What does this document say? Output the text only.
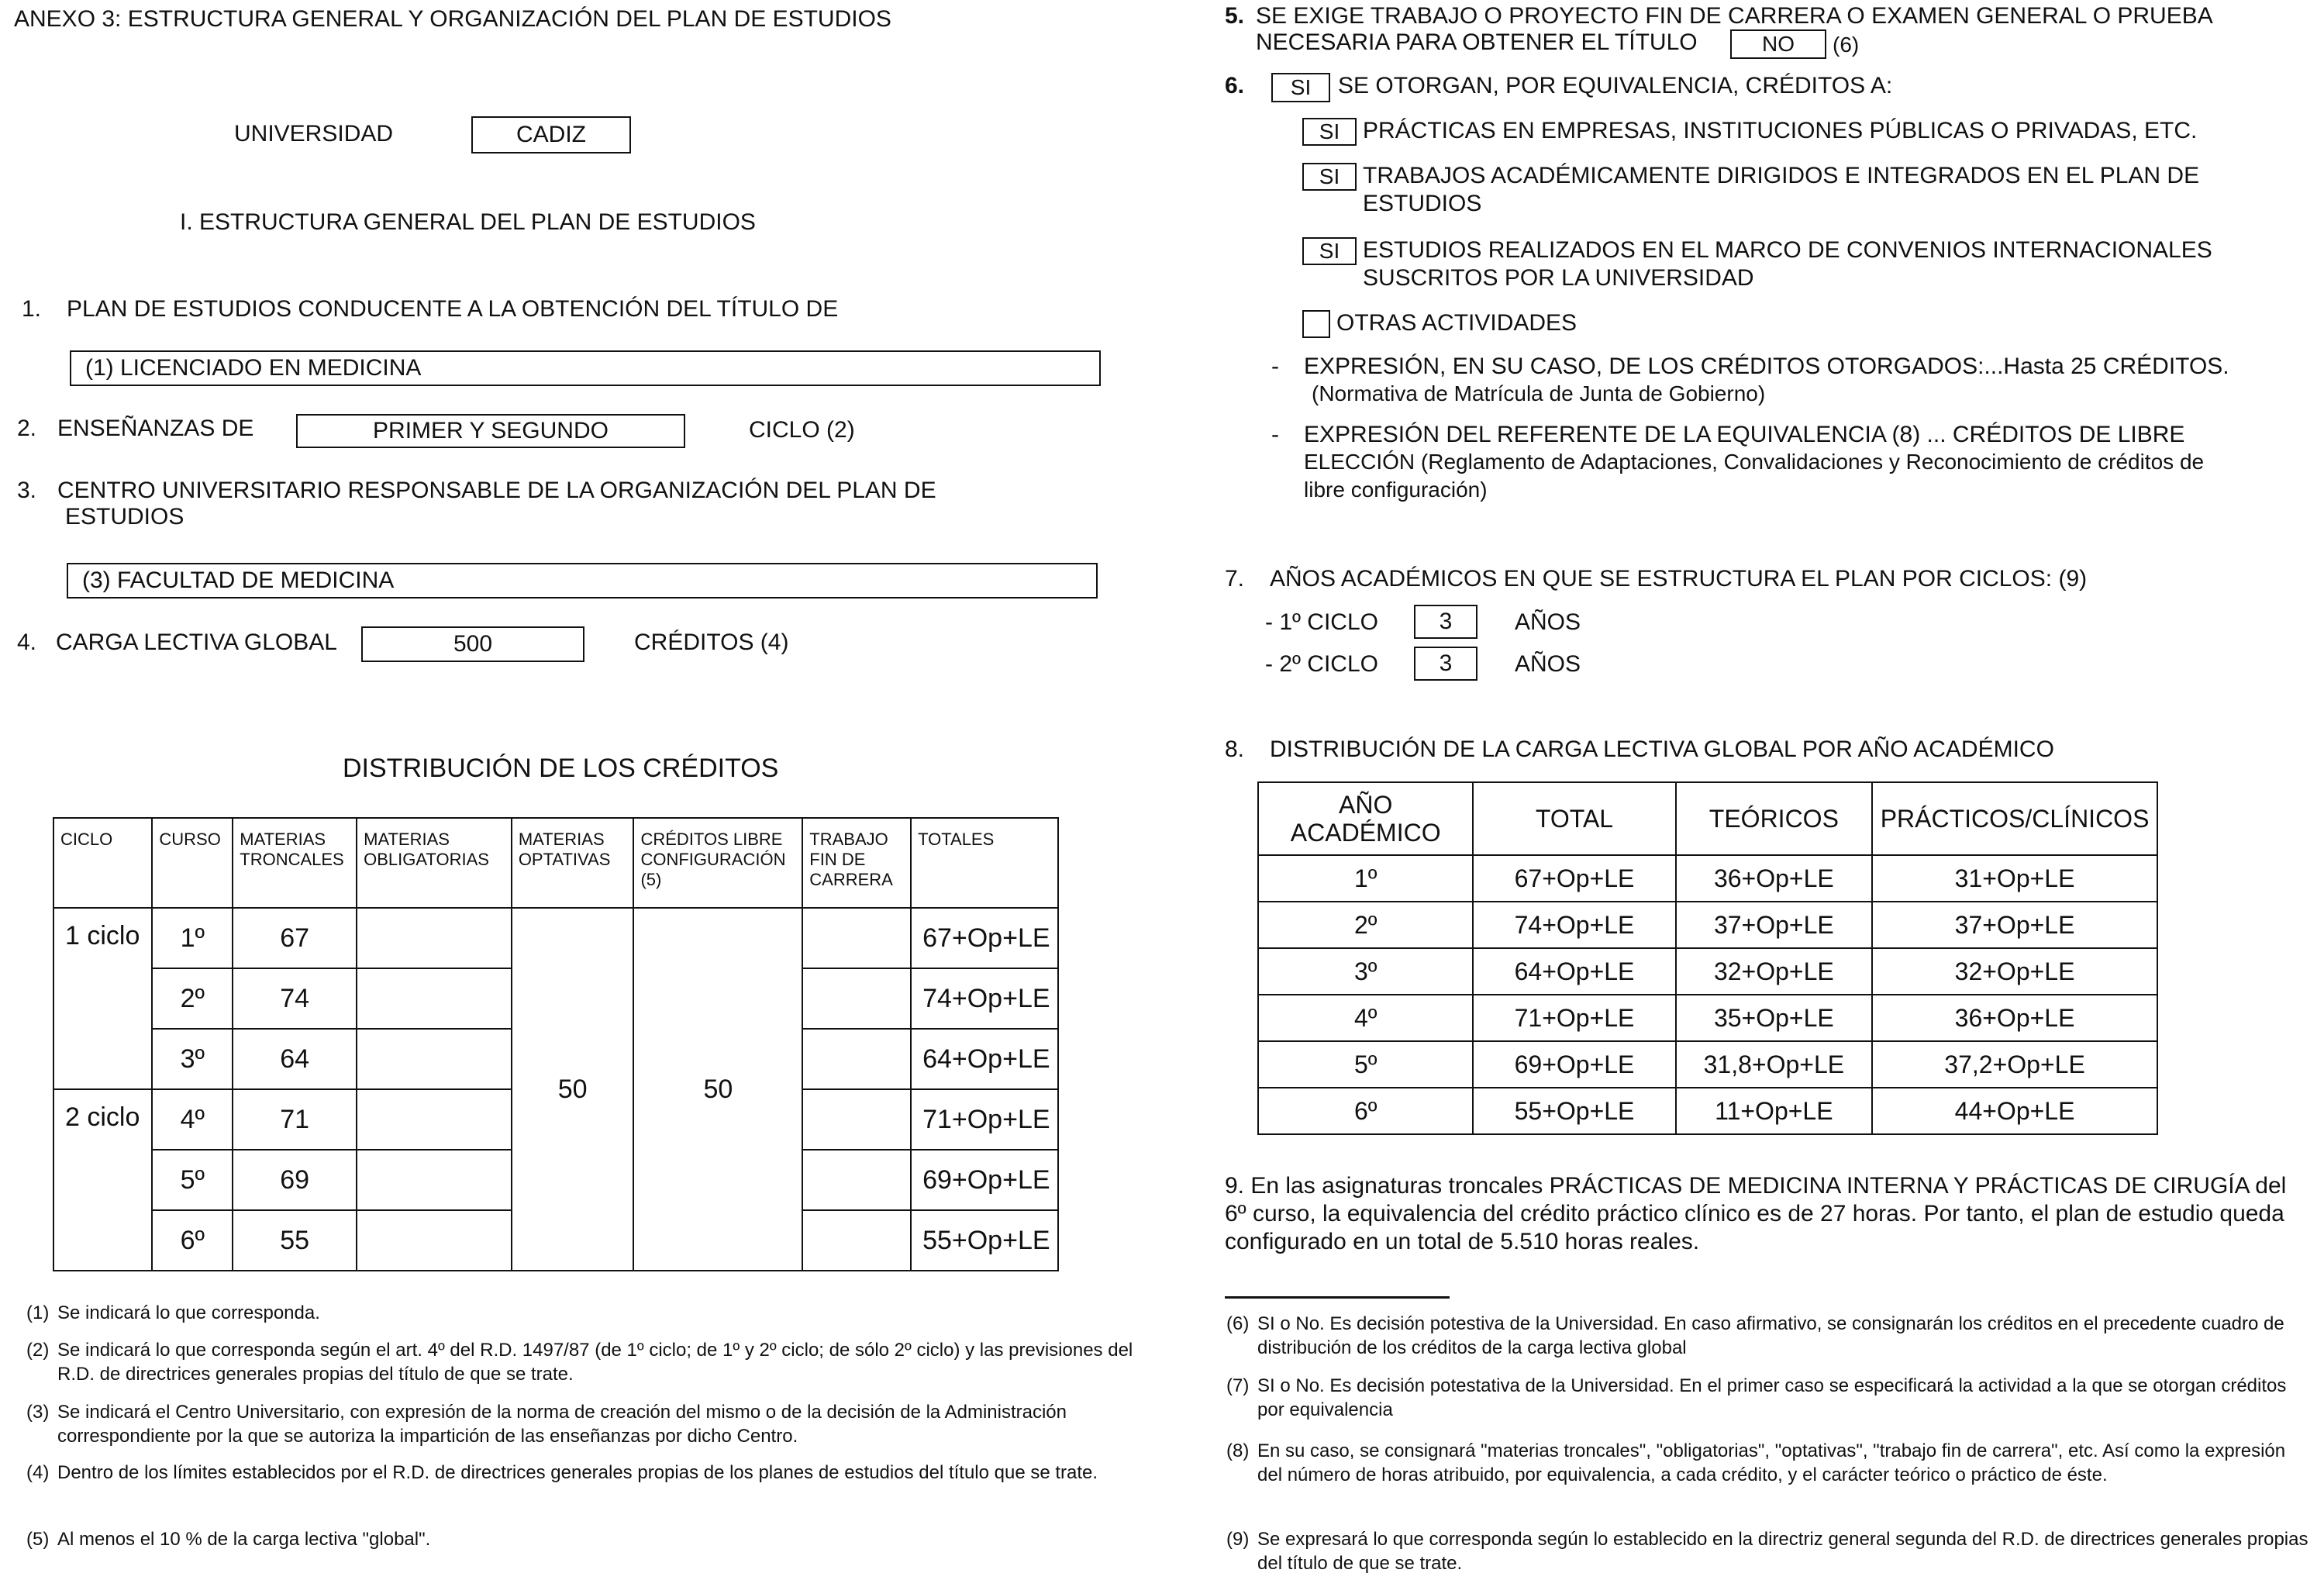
ANEXO 3: ESTRUCTURA GENERAL Y ORGANIZACIÓN DEL PLAN DE ESTUDIOS
UNIVERSIDAD	CADIZ
I. ESTRUCTURA GENERAL DEL PLAN DE ESTUDIOS
1. PLAN DE ESTUDIOS CONDUCENTE A LA OBTENCIÓN DEL TÍTULO DE
(1) LICENCIADO EN MEDICINA
2. ENSEÑANZAS DE	PRIMER Y SEGUNDO	CICLO (2)
3. CENTRO UNIVERSITARIO RESPONSABLE DE LA ORGANIZACIÓN DEL PLAN DE
ESTUDIOS
(3) FACULTAD DE MEDICINA
4. CARGA LECTIVA GLOBAL	500	CRÉDITOS (4)
DISTRIBUCIÓN DE LOS CRÉDITOS
CICLO	CURSO	MATERIAS TRONCALES	MATERIAS OBLIGATORIAS	MATERIAS OPTATIVAS	CRÉDITOS LIBRE CONFIGURACIÓN (5)	TRABAJO FIN DE CARRERA	TOTALES
1 ciclo	1º	67		50	50		67+Op+LE
	2º	74					74+Op+LE
	3º	64					64+Op+LE
2 ciclo	4º	71					71+Op+LE
	5º	69					69+Op+LE
	6º	55					55+Op+LE
(1) Se indicará lo que corresponda.
(2) Se indicará lo que corresponda según el art. 4º del R.D. 1497/87 (de 1º ciclo; de 1º y 2º ciclo; de sólo 2º ciclo) y las previsiones del R.D. de directrices generales propias del título de que se trate.
(3) Se indicará el Centro Universitario, con expresión de la norma de creación del mismo o de la decisión de la Administración correspondiente por la que se autoriza la impartición de las enseñanzas por dicho Centro.
(4) Dentro de los límites establecidos por el R.D. de directrices generales propias de los planes de estudios del título que se trate.
(5) Al menos el 10 % de la carga lectiva "global".
5. SE EXIGE TRABAJO O PROYECTO FIN DE CARRERA O EXAMEN GENERAL O PRUEBA
NECESARIA PARA OBTENER EL TÍTULO	NO	(6)
6.	SI	SE OTORGAN, POR EQUIVALENCIA, CRÉDITOS A:
SI PRÁCTICAS EN EMPRESAS, INSTITUCIONES PÚBLICAS O PRIVADAS, ETC.
SI TRABAJOS ACADÉMICAMENTE DIRIGIDOS E INTEGRADOS EN EL PLAN DE
ESTUDIOS
SI ESTUDIOS REALIZADOS EN EL MARCO DE CONVENIOS INTERNACIONALES
SUSCRITOS POR LA UNIVERSIDAD
OTRAS ACTIVIDADES
- EXPRESIÓN, EN SU CASO, DE LOS CRÉDITOS OTORGADOS:...Hasta 25 CRÉDITOS.
(Normativa de Matrícula de Junta de Gobierno)
- EXPRESIÓN DEL REFERENTE DE LA EQUIVALENCIA (8) ... CRÉDITOS DE LIBRE
ELECCIÓN (Reglamento de Adaptaciones, Convalidaciones y Reconocimiento de créditos de
libre configuración)
7. AÑOS ACADÉMICOS EN QUE SE ESTRUCTURA EL PLAN POR CICLOS: (9)
- 1º CICLO	3	AÑOS
- 2º CICLO	3	AÑOS
8. DISTRIBUCIÓN DE LA CARGA LECTIVA GLOBAL POR AÑO ACADÉMICO
AÑO
ACADÉMICO	TOTAL	TEÓRICOS	PRÁCTICOS/CLÍNICOS
1º	67+Op+LE	36+Op+LE	31+Op+LE
2º	74+Op+LE	37+Op+LE	37+Op+LE
3º	64+Op+LE	32+Op+LE	32+Op+LE
4º	71+Op+LE	35+Op+LE	36+Op+LE
5º	69+Op+LE	31,8+Op+LE	37,2+Op+LE
6º	55+Op+LE	11+Op+LE	44+Op+LE
9. En las asignaturas troncales PRÁCTICAS DE MEDICINA INTERNA Y PRÁCTICAS DE CIRUGÍA del 6º curso, la equivalencia del crédito práctico clínico es de 27 horas. Por tanto, el plan de estudio queda configurado en un total de 5.510 horas reales.
(6) SI o No. Es decisión potestiva de la Universidad. En caso afirmativo, se consignarán los créditos en el precedente cuadro de distribución de los créditos de la carga lectiva global
(7) SI o No. Es decisión potestativa de la Universidad. En el primer caso se especificará la actividad a la que se otorgan créditos por equivalencia
(8) En su caso, se consignará "materias troncales", "obligatorias", "optativas", "trabajo fin de carrera", etc. Así como la expresión del número de horas atribuido, por equivalencia, a cada crédito, y el carácter teórico o práctico de éste.
(9) Se expresará lo que corresponda según lo establecido en la directriz general segunda del R.D. de directrices generales propias del título de que se trate.
